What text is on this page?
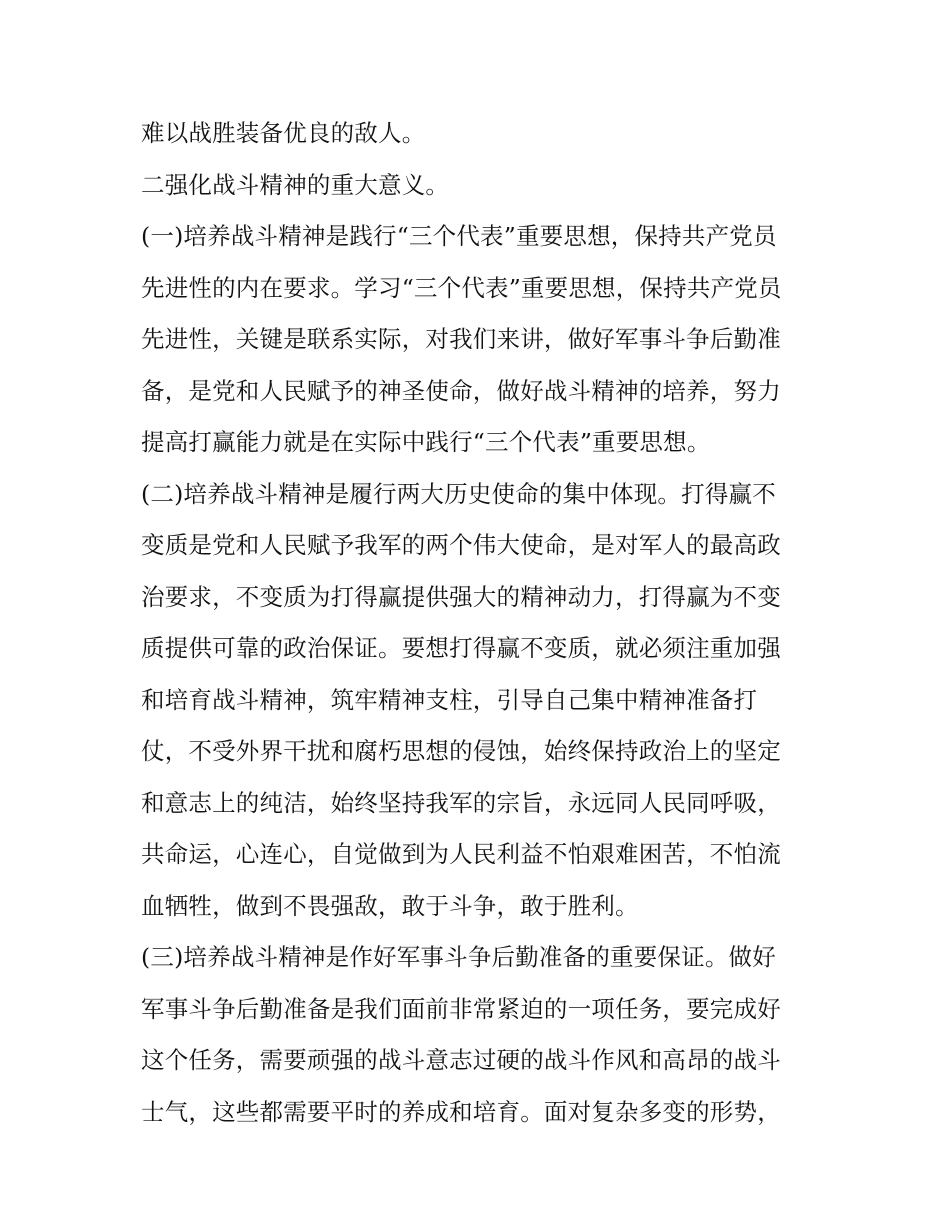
难以战胜装备优良的敌人。
二强化战斗精神的重大意义。
(一)培养战斗精神是践行“三个代表”重要思想，保持共产党员
先进性的内在要求。学习“三个代表”重要思想，保持共产党员
先进性，关键是联系实际，对我们来讲，做好军事斗争后勤准
备，是党和人民赋予的神圣使命，做好战斗精神的培养，努力
提高打赢能力就是在实际中践行“三个代表”重要思想。
(二)培养战斗精神是履行两大历史使命的集中体现。打得赢不
变质是党和人民赋予我军的两个伟大使命，是对军人的最高政
治要求，不变质为打得赢提供强大的精神动力，打得赢为不变
质提供可靠的政治保证。要想打得赢不变质，就必须注重加强
和培育战斗精神，筑牢精神支柱，引导自己集中精神准备打
仗，不受外界干扰和腐朽思想的侵蚀，始终保持政治上的坚定
和意志上的纯洁，始终坚持我军的宗旨，永远同人民同呼吸，
共命运，心连心，自觉做到为人民利益不怕艰难困苦，不怕流
血牺牲，做到不畏强敌，敢于斗争，敢于胜利。
(三)培养战斗精神是作好军事斗争后勤准备的重要保证。做好
军事斗争后勤准备是我们面前非常紧迫的一项任务，要完成好
这个任务，需要顽强的战斗意志过硬的战斗作风和高昂的战斗
士气，这些都需要平时的养成和培育。面对复杂多变的形势，
